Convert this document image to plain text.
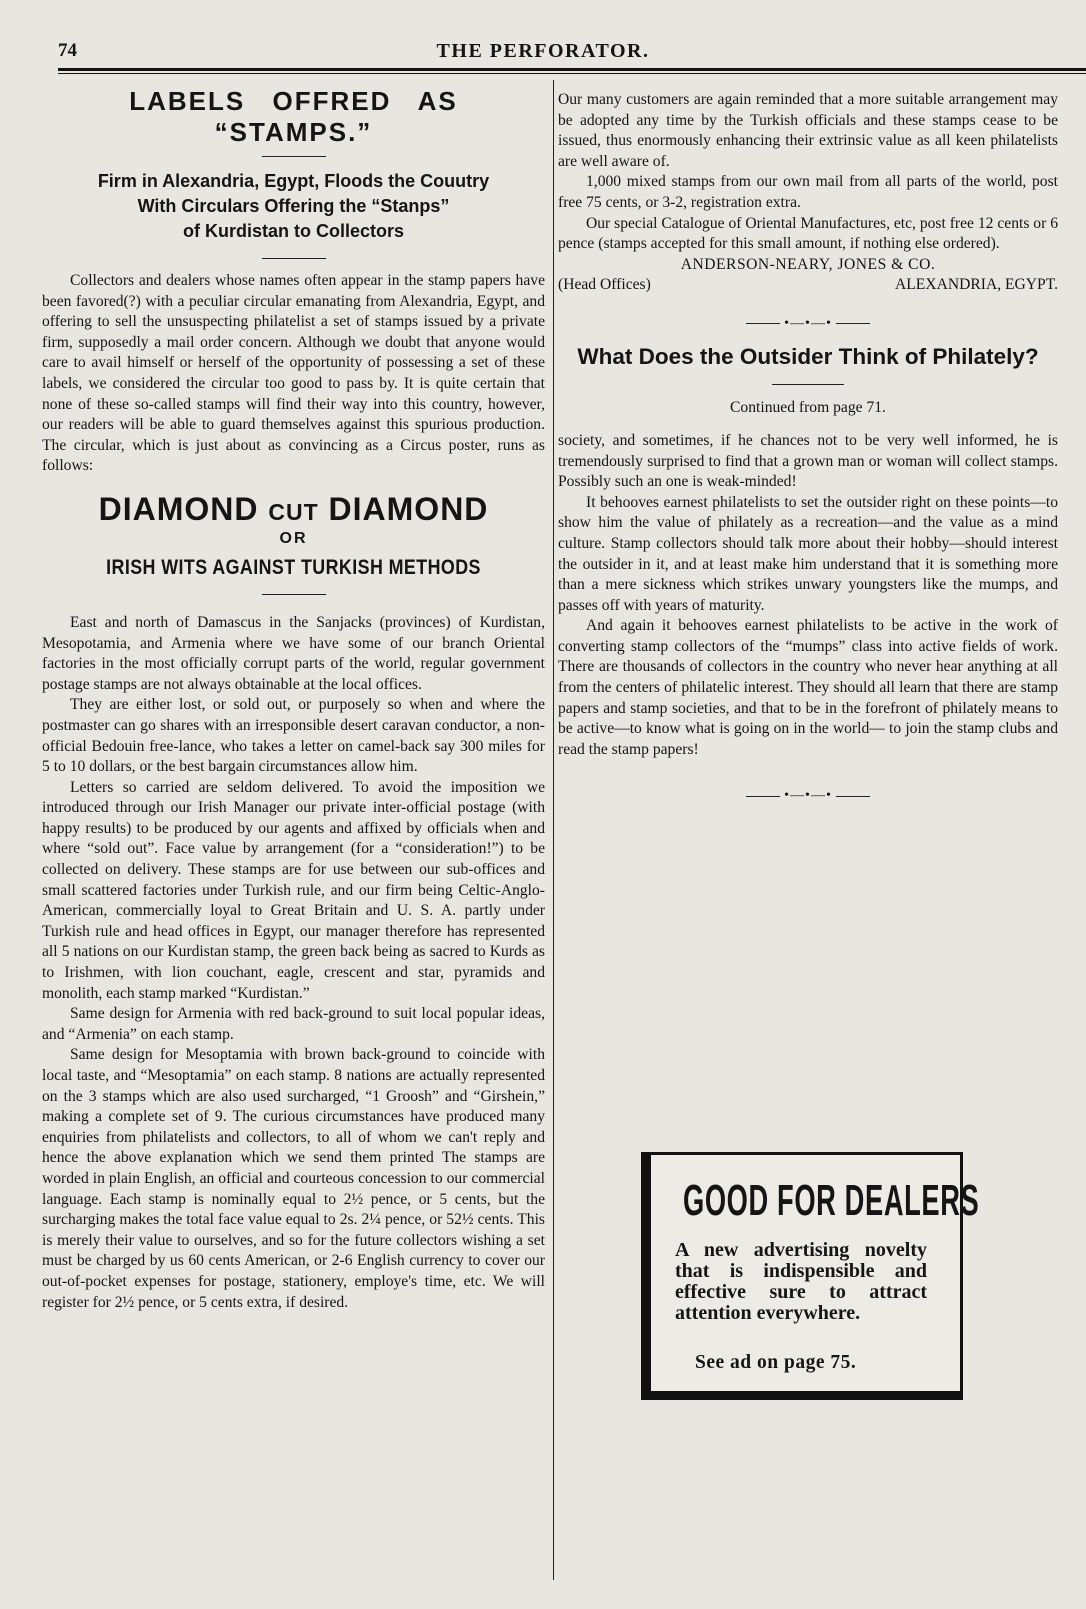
74	THE PERFORATOR.
LABELS OFFRED AS “STAMPS.”
Firm in Alexandria, Egypt, Floods the Couutry
With Circulars Offering the “Stanps”
of Kurdistan to Collectors

Collectors and dealers whose names often appear in the stamp papers have been favored(?) with a peculiar circular emanating from Alexandria, Egypt, and offering to sell the unsuspecting philatelist a set of stamps issued by a private firm, supposedly a mail order concern. Although we doubt that anyone would care to avail himself or herself of the opportunity of possessing a set of these labels, we considered the circular too good to pass by. It is quite certain that none of these so-called stamps will find their way into this country, however, our readers will be able to guard themselves against this spurious production. The circular, which is just about as convincing as a Circus poster, runs as follows:

DIAMOND CUT DIAMOND
OR
IRISH WITS AGAINST TURKISH METHODS

East and north of Damascus in the Sanjacks (provinces) of Kurdistan, Mesopotamia, and Armenia where we have some of our branch Oriental factories in the most officially corrupt parts of the world, regular government postage stamps are not always obtainable at the local offices.

They are either lost, or sold out, or purposely so when and where the postmaster can go shares with an irresponsible desert caravan conductor, a non-official Bedouin free-lance, who takes a letter on camel-back say 300 miles for 5 to 10 dollars, or the best bargain circumstances allow him.

Letters so carried are seldom delivered. To avoid the imposition we introduced through our Irish Manager our private inter-official postage (with happy results) to be produced by our agents and affixed by officials when and where “sold out”. Face value by arrangement (for a “consideration!”) to be collected on delivery. These stamps are for use between our sub-offices and small scattered factories under Turkish rule, and our firm being Celtic-Anglo-American, commercially loyal to Great Britain and U. S. A. partly under Turkish rule and head offices in Egypt, our manager therefore has represented all 5 nations on our Kurdistan stamp, the green back being as sacred to Kurds as to Irishmen, with lion couchant, eagle, crescent and star, pyramids and monolith, each stamp marked “Kurdistan.”

Same design for Armenia with red back-ground to suit local popular ideas, and “Armenia” on each stamp.

Same design for Mesoptamia with brown back-ground to coincide with local taste, and “Mesoptamia” on each stamp. 8 nations are actually represented on the 3 stamps which are also used surcharged, “1 Groosh” and “Girshein,” making a complete set of 9. The curious circumstances have produced many enquiries from philatelists and collectors, to all of whom we can't reply and hence the above explanation which we send them printed The stamps are worded in plain English, an official and courteous concession to our commercial language. Each stamp is nominally equal to 2½ pence, or 5 cents, but the surcharging makes the total face value equal to 2s. 2¼ pence, or 52½ cents. This is merely their value to ourselves, and so for the future collectors wishing a set must be charged by us 60 cents American, or 2-6 English currency to cover our out-of-pocket expenses for postage, stationery, employe's time, etc. We will register for 2½ pence, or 5 cents extra, if desired.

Our many customers are again reminded that a more suitable arrangement may be adopted any time by the Turkish officials and these stamps cease to be issued, thus enormously enhancing their extrinsic value as all keen philatelists are well aware of.

1,000 mixed stamps from our own mail from all parts of the world, post free 75 cents, or 3-2, registration extra.

Our special Catalogue of Oriental Manufactures, etc, post free 12 cents or 6 pence (stamps accepted for this small amount, if nothing else ordered).

ANDERSON-NEARY, JONES & CO.
(Head Offices)	ALEXANDRIA, EGYPT.
•—•—•
What Does the Outsider Think of Philately?
Continued from page 71.

society, and sometimes, if he chances not to be very well informed, he is tremendously surprised to find that a grown man or woman will collect stamps. Possibly such an one is weak-minded!

It behooves earnest philatelists to set the outsider right on these points—to show him the value of philately as a recreation—and the value as a mind culture. Stamp collectors should talk more about their hobby—should interest the outsider in it, and at least make him understand that it is something more than a mere sickness which strikes unwary youngsters like the mumps, and passes off with years of maturity.

And again it behooves earnest philatelists to be active in the work of converting stamp collectors of the “mumps” class into active fields of work. There are thousands of collectors in the country who never hear anything at all from the centers of philatelic interest. They should all learn that there are stamp papers and stamp societies, and that to be in the forefront of philately means to be active—to know what is going on in the world— to join the stamp clubs and read the stamp papers!

•—•—•
GOOD FOR DEALERS
A new advertising novelty that is indispensible and effective sure to attract attention everywhere.
See ad on page 75.
